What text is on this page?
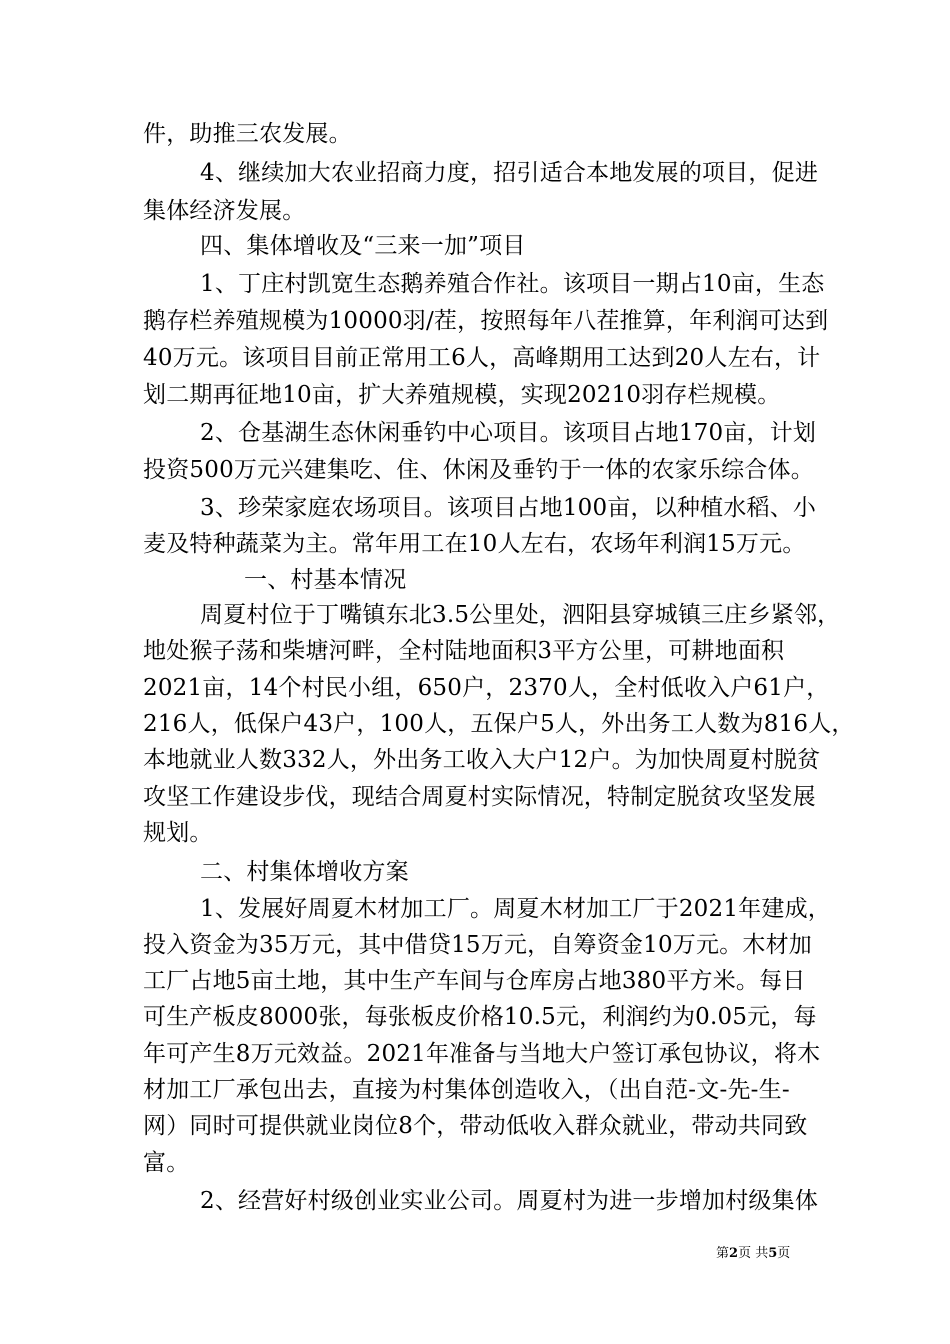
件，助推三农发展。
4、继续加大农业招商力度，招引适合本地发展的项目，促进
集体经济发展。
四、集体增收及“三来一加”项目
1、丁庄村凯宽生态鹅养殖合作社。该项目一期占10亩，生态
鹅存栏养殖规模为10000羽/茬，按照每年八茬推算，年利润可达到
40万元。该项目目前正常用工6人，高峰期用工达到20人左右，计
划二期再征地10亩，扩大养殖规模，实现20210羽存栏规模。
2、仓基湖生态休闲垂钓中心项目。该项目占地170亩，计划
投资500万元兴建集吃、住、休闲及垂钓于一体的农家乐综合体。
3、珍荣家庭农场项目。该项目占地100亩，以种植水稻、小
麦及特种蔬菜为主。常年用工在10人左右，农场年利润15万元。
一、村基本情况
周夏村位于丁嘴镇东北3.5公里处，泗阳县穿城镇三庄乡紧邻，
地处猴子荡和柴塘河畔，全村陆地面积3平方公里，可耕地面积
2021亩，14个村民小组，650户，2370人，全村低收入户61户，
216人，低保户43户，100人，五保户5人，外出务工人数为816人，
本地就业人数332人，外出务工收入大户12户。为加快周夏村脱贫
攻坚工作建设步伐，现结合周夏村实际情况，特制定脱贫攻坚发展
规划。
二、村集体增收方案
1、发展好周夏木材加工厂。周夏木材加工厂于2021年建成，
投入资金为35万元，其中借贷15万元，自筹资金10万元。木材加
工厂占地5亩土地，其中生产车间与仓库房占地380平方米。每日
可生产板皮8000张，每张板皮价格10.5元，利润约为0.05元，每
年可产生8万元效益。2021年准备与当地大户签订承包协议，将木
材加工厂承包出去，直接为村集体创造收入，（出自范-文-先-生-
网）同时可提供就业岗位8个，带动低收入群众就业，带动共同致
富。
2、经营好村级创业实业公司。周夏村为进一步增加村级集体
第2页 共5页
